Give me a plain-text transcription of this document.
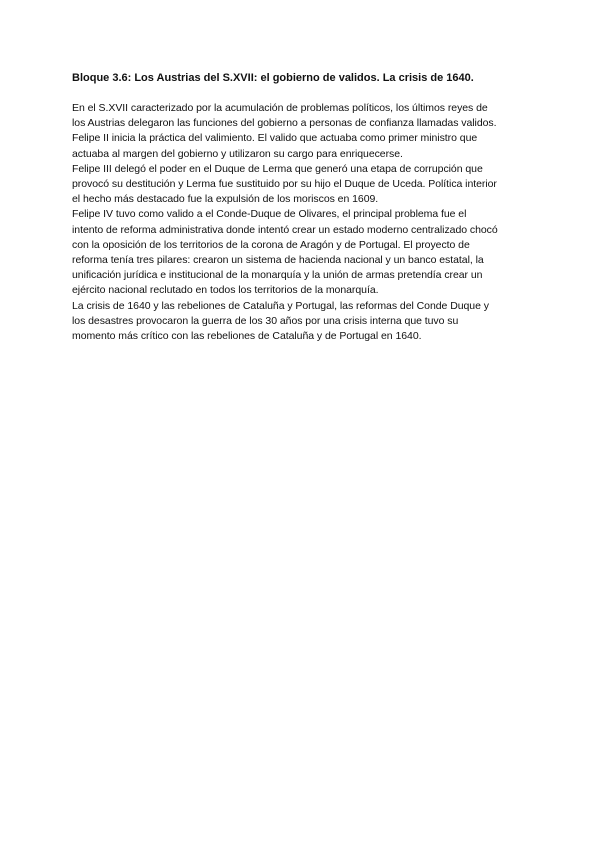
Bloque 3.6: Los Austrias del S.XVII: el gobierno de validos. La crisis de 1640.

En el S.XVII caracterizado por la acumulación de problemas políticos, los últimos reyes de
los Austrias delegaron las funciones del gobierno a personas de confianza llamadas validos.
Felipe II inicia la práctica del valimiento. El valido que actuaba como primer ministro que
actuaba al margen del gobierno y utilizaron su cargo para enriquecerse.

Felipe III delegó el poder en el Duque de Lerma que generó una etapa de corrupción que
provocó su destitución y Lerma fue sustituido por su hijo el Duque de Uceda. Política interior
el hecho más destacado fue la expulsión de los moriscos en 1609.

Felipe IV tuvo como valido a el Conde-Duque de Olivares, el principal problema fue el
intento de reforma administrativa donde intentó crear un estado moderno centralizado chocó
con la oposición de los territorios de la corona de Aragón y de Portugal. El proyecto de
reforma tenía tres pilares: crearon un sistema de hacienda nacional y un banco estatal, la
unificación jurídica e institucional de la monarquía y la unión de armas pretendía crear un
ejército nacional reclutado en todos los territorios de la monarquía.

La crisis de 1640 y las rebeliones de Cataluña y Portugal, las reformas del Conde Duque y
los desastres provocaron la guerra de los 30 años por una crisis interna que tuvo su
momento más crítico con las rebeliones de Cataluña y de Portugal en 1640.
